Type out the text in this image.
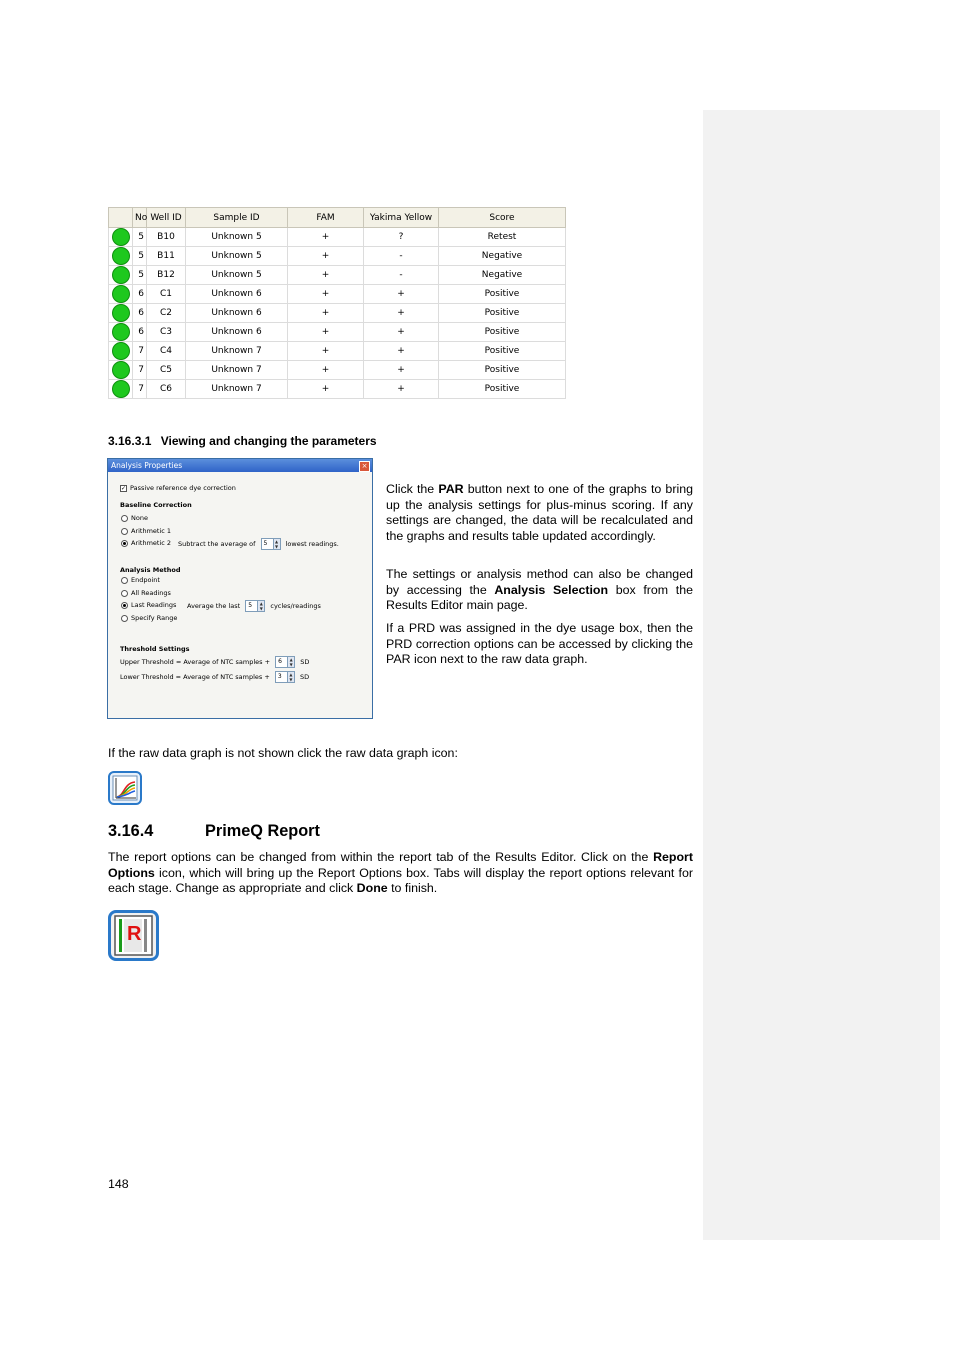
	No	Well ID	Sample ID	FAM	Yakima Yellow	Score
	5	B10	Unknown 5	+	?	Retest
	5	B11	Unknown 5	+	-	Negative
	5	B12	Unknown 5	+	-	Negative
	6	C1	Unknown 6	+	+	Positive
	6	C2	Unknown 6	+	+	Positive
	6	C3	Unknown 6	+	+	Positive
	7	C4	Unknown 7	+	+	Positive
	7	C5	Unknown 7	+	+	Positive
	7	C6	Unknown 7	+	+	Positive
3.16.3.1 Viewing and changing the parameters
Analysis Properties	×
✓ Passive reference dye correction
Baseline Correction
None
Arithmetic 1
Arithmetic 2 Subtract the average of 5	▲
▼ lowest readings.
Analysis Method
Endpoint
All Readings
Last Readings Average the last 5	▲
▼ cycles/readings
Specify Range
Threshold Settings
Upper Threshold = Average of NTC samples + 6	▲
▼ SD
Lower Threshold = Average of NTC samples + 3	▲
▼ SD
Click the PAR button next to one of the graphs to bring up the analysis settings for plus-minus scoring. If any settings are changed, the data will be recalculated and the graphs and results table updated accordingly.
The settings or analysis method can also be changed by accessing the Analysis Selection box from the Results Editor main page.
If a PRD was assigned in the dye usage box, then the PRD correction options can be accessed by clicking the PAR icon next to the raw data graph.
If the raw data graph is not shown click the raw data graph icon:
3.16.4	PrimeQ Report
The report options can be changed from within the report tab of the Results Editor. Click on the Report Options icon, which will bring up the Report Options box. Tabs will display the report options relevant for each stage. Change as appropriate and click Done to finish.
R
148
